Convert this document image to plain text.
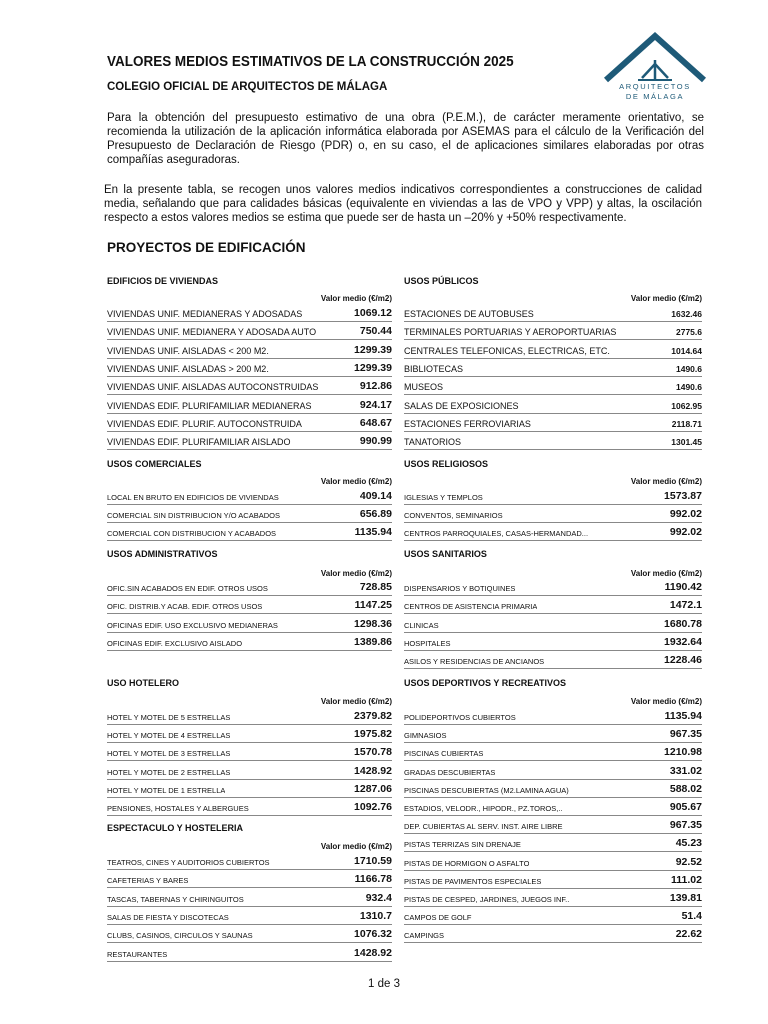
VALORES MEDIOS ESTIMATIVOS DE LA CONSTRUCCIÓN 2025
COLEGIO OFICIAL DE ARQUITECTOS DE MÁLAGA	ARQUITECTOS
DE MÁLAGA
Para la obtención del presupuesto estimativo de una obra (P.E.M.), de carácter meramente orientativo, se recomienda la utilización de la aplicación informática elaborada por ASEMAS para el cálculo de la Verificación del Presupuesto de Declaración de Riesgo (PDR) o, en su caso, el de aplicaciones similares elaboradas por otras compañías aseguradoras.
En la presente tabla, se recogen unos valores medios indicativos correspondientes a construcciones de calidad media, señalando que para calidades básicas (equivalente en viviendas a las de VPO y VPP) y altas, la oscilación respecto a estos valores medios se estima que puede ser de hasta un –20% y +50% respectivamente.
PROYECTOS DE EDIFICACIÓN
EDIFICIOS DE VIVIENDAS
Valor medio (€/m2)
VIVIENDAS UNIF. MEDIANERAS Y ADOSADAS	1069.12
VIVIENDAS UNIF. MEDIANERA Y ADOSADA AUTO	750.44
VIVIENDAS UNIF. AISLADAS < 200 M2.	1299.39
VIVIENDAS UNIF. AISLADAS > 200 M2.	1299.39
VIVIENDAS UNIF. AISLADAS AUTOCONSTRUIDAS	912.86
VIVIENDAS EDIF. PLURIFAMILIAR MEDIANERAS	924.17
VIVIENDAS EDIF. PLURIF. AUTOCONSTRUIDA	648.67
VIVIENDAS EDIF. PLURIFAMILIAR AISLADO	990.99
USOS PÚBLICOS
Valor medio (€/m2)
ESTACIONES DE AUTOBUSES	1632.46
TERMINALES PORTUARIAS Y AEROPORTUARIAS	2775.6
CENTRALES TELEFONICAS, ELECTRICAS, ETC.	1014.64
BIBLIOTECAS	1490.6
MUSEOS	1490.6
SALAS DE EXPOSICIONES	1062.95
ESTACIONES FERROVIARIAS	2118.71
TANATORIOS	1301.45
USOS COMERCIALES
Valor medio (€/m2)
LOCAL EN BRUTO EN EDIFICIOS DE VIVIENDAS	409.14
COMERCIAL SIN DISTRIBUCION Y/O ACABADOS	656.89
COMERCIAL CON DISTRIBUCION Y ACABADOS	1135.94
USOS RELIGIOSOS
Valor medio (€/m2)
IGLESIAS Y TEMPLOS	1573.87
CONVENTOS, SEMINARIOS	992.02
CENTROS PARROQUIALES, CASAS-HERMANDAD...	992.02
USOS ADMINISTRATIVOS
Valor medio (€/m2)
OFIC.SIN ACABADOS EN EDIF. OTROS USOS	728.85
OFIC. DISTRIB.Y ACAB. EDIF. OTROS USOS	1147.25
OFICINAS EDIF. USO EXCLUSIVO MEDIANERAS	1298.36
OFICINAS EDIF. EXCLUSIVO AISLADO	1389.86
USOS SANITARIOS
Valor medio (€/m2)
DISPENSARIOS Y BOTIQUINES	1190.42
CENTROS DE ASISTENCIA PRIMARIA	1472.1
CLINICAS	1680.78
HOSPITALES	1932.64
ASILOS Y RESIDENCIAS DE ANCIANOS	1228.46
USO HOTELERO
Valor medio (€/m2)
HOTEL Y MOTEL DE 5 ESTRELLAS	2379.82
HOTEL Y MOTEL DE 4 ESTRELLAS	1975.82
HOTEL Y MOTEL DE 3 ESTRELLAS	1570.78
HOTEL Y MOTEL DE 2 ESTRELLAS	1428.92
HOTEL Y MOTEL DE 1 ESTRELLA	1287.06
PENSIONES, HOSTALES Y ALBERGUES	1092.76
USOS DEPORTIVOS Y RECREATIVOS
Valor medio (€/m2)
POLIDEPORTIVOS CUBIERTOS	1135.94
GIMNASIOS	967.35
PISCINAS CUBIERTAS	1210.98
GRADAS DESCUBIERTAS	331.02
PISCINAS DESCUBIERTAS (M2.LAMINA AGUA)	588.02
ESTADIOS, VELODR., HIPODR., PZ.TOROS,..	905.67
DEP. CUBIERTAS AL SERV. INST. AIRE LIBRE	967.35
PISTAS TERRIZAS SIN DRENAJE	45.23
PISTAS DE HORMIGON O ASFALTO	92.52
PISTAS DE PAVIMENTOS ESPECIALES	111.02
PISTAS DE CESPED, JARDINES, JUEGOS INF..	139.81
CAMPOS DE GOLF	51.4
CAMPINGS	22.62
ESPECTACULO Y HOSTELERIA
Valor medio (€/m2)
TEATROS, CINES Y AUDITORIOS CUBIERTOS	1710.59
CAFETERIAS Y BARES	1166.78
TASCAS, TABERNAS Y CHIRINGUITOS	932.4
SALAS DE FIESTA Y DISCOTECAS	1310.7
CLUBS, CASINOS, CIRCULOS Y SAUNAS	1076.32
RESTAURANTES	1428.92
1 de 3
